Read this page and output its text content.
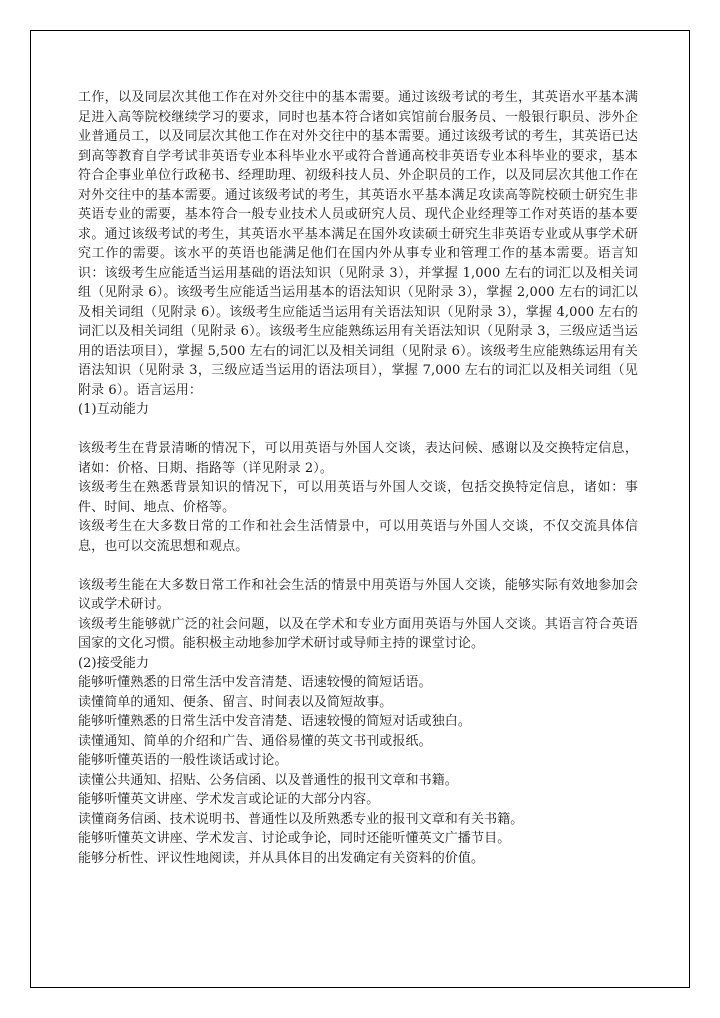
工作，以及同层次其他工作在对外交往中的基本需要。通过该级考试的考生，其英语水平基本满足进入高等院校继续学习的要求，同时也基本符合诸如宾馆前台服务员、一般银行职员、涉外企业普通员工，以及同层次其他工作在对外交往中的基本需要。通过该级考试的考生，其英语已达到高等教育自学考试非英语专业本科毕业水平或符合普通高校非英语专业本科毕业的要求，基本符合企事业单位行政秘书、经理助理、初级科技人员、外企职员的工作，以及同层次其他工作在对外交往中的基本需要。通过该级考试的考生，其英语水平基本满足攻读高等院校硕士研究生非英语专业的需要，基本符合一般专业技术人员或研究人员、现代企业经理等工作对英语的基本要求。通过该级考试的考生，其英语水平基本满足在国外攻读硕士研究生非英语专业或从事学术研究工作的需要。该水平的英语也能满足他们在国内外从事专业和管理工作的基本需要。语言知识：该级考生应能适当运用基础的语法知识（见附录 3），并掌握 1,000 左右的词汇以及相关词组（见附录 6）。该级考生应能适当运用基本的语法知识（见附录 3），掌握 2,000 左右的词汇以及相关词组（见附录 6）。该级考生应能适当运用有关语法知识（见附录 3），掌握 4,000 左右的词汇以及相关词组（见附录 6）。该级考生应能熟练运用有关语法知识（见附录 3，三级应适当运用的语法项目），掌握 5,500 左右的词汇以及相关词组（见附录 6）。该级考生应能熟练运用有关语法知识（见附录 3，三级应适当运用的语法项目），掌握 7,000 左右的词汇以及相关词组（见附录 6）。语言运用：

(1)互动能力

该级考生在背景清晰的情况下，可以用英语与外国人交谈，表达问候、感谢以及交换特定信息，诸如：价格、日期、指路等（详见附录 2）。

该级考生在熟悉背景知识的情况下，可以用英语与外国人交谈，包括交换特定信息，诸如：事件、时间、地点、价格等。

该级考生在大多数日常的工作和社会生活情景中，可以用英语与外国人交谈，不仅交流具体信息，也可以交流思想和观点。

该级考生能在大多数日常工作和社会生活的情景中用英语与外国人交谈，能够实际有效地参加会议或学术研讨。

该级考生能够就广泛的社会问题，以及在学术和专业方面用英语与外国人交谈。其语言符合英语国家的文化习惯。能积极主动地参加学术研讨或导师主持的课堂讨论。

(2)接受能力

能够听懂熟悉的日常生活中发音清楚、语速较慢的简短话语。

读懂简单的通知、便条、留言、时间表以及简短故事。

能够听懂熟悉的日常生活中发音清楚、语速较慢的简短对话或独白。

读懂通知、简单的介绍和广告、通俗易懂的英文书刊或报纸。

能够听懂英语的一般性谈话或讨论。

读懂公共通知、招贴、公务信函、以及普通性的报刊文章和书籍。

能够听懂英文讲座、学术发言或论证的大部分内容。

读懂商务信函、技术说明书、普通性以及所熟悉专业的报刊文章和有关书籍。

能够听懂英文讲座、学术发言、讨论或争论，同时还能听懂英文广播节目。

能够分析性、评议性地阅读，并从具体目的出发确定有关资料的价值。
